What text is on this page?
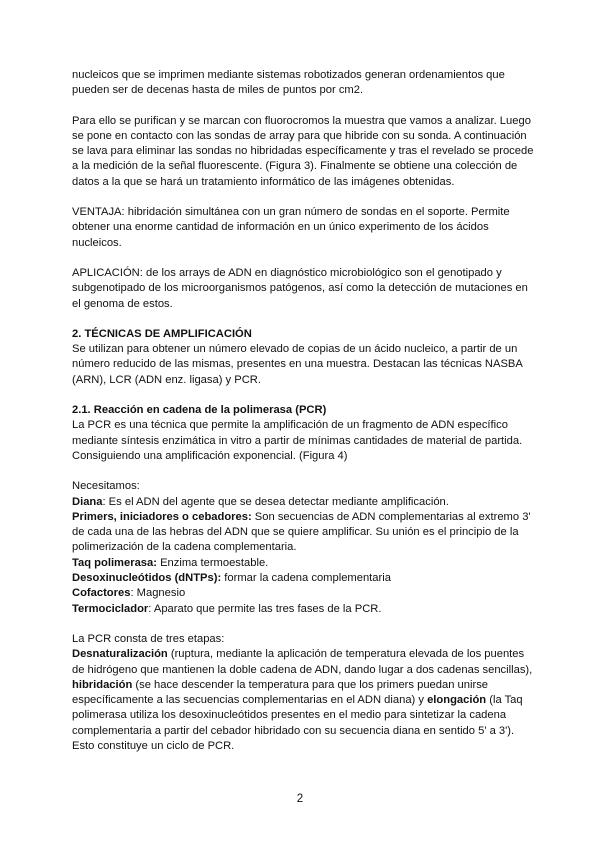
nucleicos que se imprimen mediante sistemas robotizados generan ordenamientos que pueden ser de decenas hasta de miles de puntos por cm2.

Para ello se purifican y se marcan con fluorocromos la muestra que vamos a analizar. Luego se pone en contacto con las sondas de array para que hibride con su sonda. A continuación se lava para eliminar las sondas no hibridadas específicamente y tras el revelado se procede a la medición de la señal fluorescente. (Figura 3). Finalmente se obtiene una colección de datos a la que se hará un tratamiento informático de las imágenes obtenidas.

VENTAJA: hibridación simultánea con un gran número de sondas en el soporte. Permite obtener una enorme cantidad de información en un único experimento de los ácidos nucleicos.

APLICACIÓN: de los arrays de ADN en diagnóstico microbiológico son el genotipado y subgenotipado de los microorganismos patógenos, así como la detección de mutaciones en el genoma de estos.

2. TÉCNICAS DE AMPLIFICACIÓN

Se utilizan para obtener un número elevado de copias de un ácido nucleico, a partir de un número reducido de las mismas, presentes en una muestra. Destacan las técnicas NASBA (ARN), LCR (ADN enz. ligasa) y PCR.

2.1. Reacción en cadena de la polimerasa (PCR)

La PCR es una técnica que permite la amplificación de un fragmento de ADN específico mediante síntesis enzimática in vitro a partir de mínimas cantidades de material de partida. Consiguiendo una amplificación exponencial. (Figura 4)

Necesitamos:

Diana: Es el ADN del agente que se desea detectar mediante amplificación.

Primers, iniciadores o cebadores: Son secuencias de ADN complementarias al extremo 3' de cada una de las hebras del ADN que se quiere amplificar. Su unión es el principio de la polimerización de la cadena complementaria.

Taq polimerasa: Enzima termoestable.

Desoxinucleótidos (dNTPs): formar la cadena complementaria

Cofactores: Magnesio

Termociclador: Aparato que permite las tres fases de la PCR.

La PCR consta de tres etapas:

Desnaturalización (ruptura, mediante la aplicación de temperatura elevada de los puentes de hidrógeno que mantienen la doble cadena de ADN, dando lugar a dos cadenas sencillas), hibridación (se hace descender la temperatura para que los primers puedan unirse específicamente a las secuencias complementarias en el ADN diana) y elongación (la Taq polimerasa utiliza los desoxinucleótidos presentes en el medio para sintetizar la cadena complementaria a partir del cebador hibridado con su secuencia diana en sentido 5' a 3'). Esto constituye un ciclo de PCR.

2
